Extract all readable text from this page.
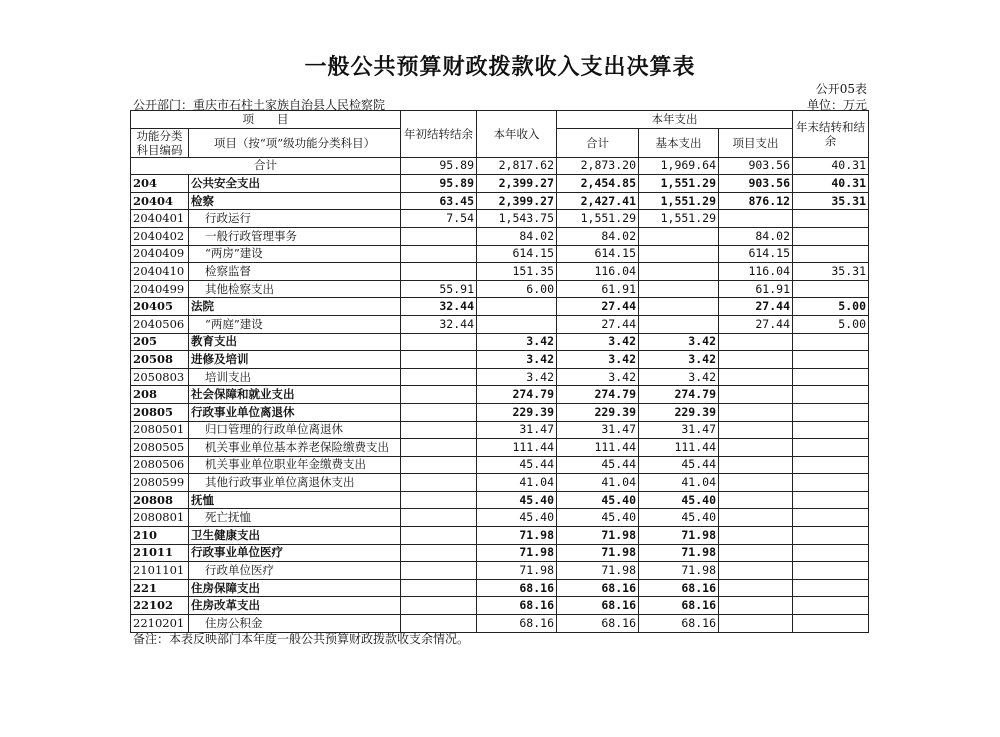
一般公共预算财政拨款收入支出决算表
公开05表
公开部门：重庆市石柱土家族自治县人民检察院	单位：万元
项　　目		年初结转结余	本年收入	本年支出			年末结转和结余
功能分类科目编码	项目（按“项”级功能分类科目）			合计	基本支出	项目支出	
合计		95.89	2,817.62	2,873.20	1,969.64	903.56	40.31
204	公共安全支出	95.89	2,399.27	2,454.85	1,551.29	903.56	40.31
20404	检察	63.45	2,399.27	2,427.41	1,551.29	876.12	35.31
2040401	行政运行	7.54	1,543.75	1,551.29	1,551.29		
2040402	一般行政管理事务		84.02	84.02		84.02	
2040409	“两房”建设		614.15	614.15		614.15	
2040410	检察监督		151.35	116.04		116.04	35.31
2040499	其他检察支出	55.91	6.00	61.91		61.91	
20405	法院	32.44		27.44		27.44	5.00
2040506	“两庭”建设	32.44		27.44		27.44	5.00
205	教育支出		3.42	3.42	3.42		
20508	进修及培训		3.42	3.42	3.42		
2050803	培训支出		3.42	3.42	3.42		
208	社会保障和就业支出		274.79	274.79	274.79		
20805	行政事业单位离退休		229.39	229.39	229.39		
2080501	归口管理的行政单位离退休		31.47	31.47	31.47		
2080505	机关事业单位基本养老保险缴费支出		111.44	111.44	111.44		
2080506	机关事业单位职业年金缴费支出		45.44	45.44	45.44		
2080599	其他行政事业单位离退休支出		41.04	41.04	41.04		
20808	抚恤		45.40	45.40	45.40		
2080801	死亡抚恤		45.40	45.40	45.40		
210	卫生健康支出		71.98	71.98	71.98		
21011	行政事业单位医疗		71.98	71.98	71.98		
2101101	行政单位医疗		71.98	71.98	71.98		
221	住房保障支出		68.16	68.16	68.16		
22102	住房改革支出		68.16	68.16	68.16		
2210201	住房公积金		68.16	68.16	68.16		
备注：本表反映部门本年度一般公共预算财政拨款收支余情况。
